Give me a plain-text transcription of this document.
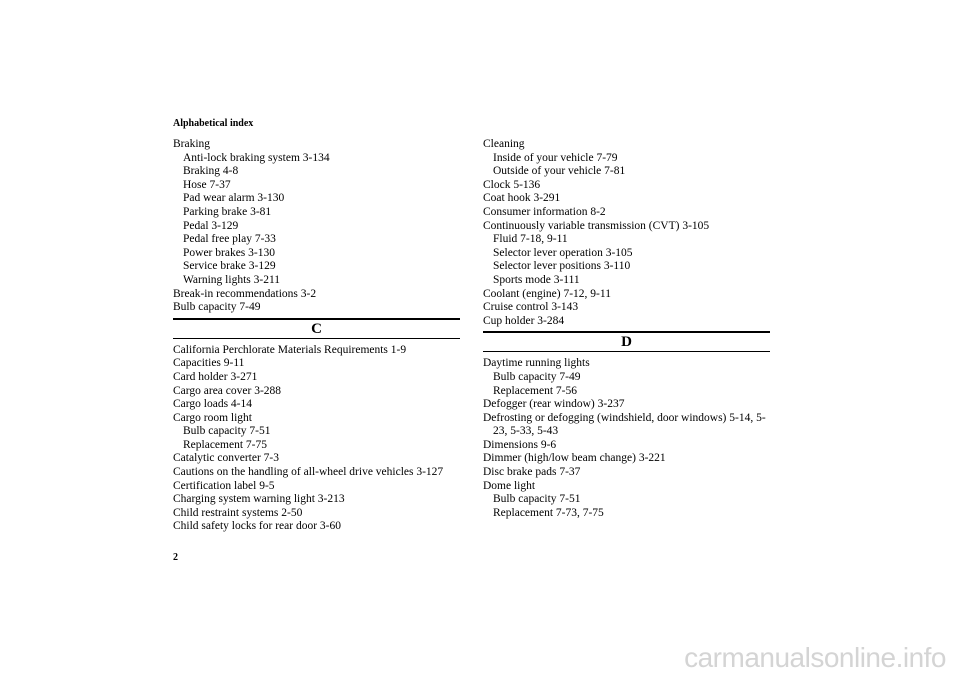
Alphabetical index
Braking
Anti-lock braking system 3-134
Braking 4-8
Hose 7-37
Pad wear alarm 3-130
Parking brake 3-81
Pedal 3-129
Pedal free play 7-33
Power brakes 3-130
Service brake 3-129
Warning lights 3-211
Break-in recommendations 3-2
Bulb capacity 7-49
C
California Perchlorate Materials Requirements 1-9
Capacities 9-11
Card holder 3-271
Cargo area cover 3-288
Cargo loads 4-14
Cargo room light
Bulb capacity 7-51
Replacement 7-75
Catalytic converter 7-3
Cautions on the handling of all-wheel drive vehicles 3-127
Certification label 9-5
Charging system warning light 3-213
Child restraint systems 2-50
Child safety locks for rear door 3-60
Cleaning
Inside of your vehicle 7-79
Outside of your vehicle 7-81
Clock 5-136
Coat hook 3-291
Consumer information 8-2
Continuously variable transmission (CVT) 3-105
Fluid 7-18, 9-11
Selector lever operation 3-105
Selector lever positions 3-110
Sports mode 3-111
Coolant (engine) 7-12, 9-11
Cruise control 3-143
Cup holder 3-284
D
Daytime running lights
Bulb capacity 7-49
Replacement 7-56
Defogger (rear window) 3-237
Defrosting or defogging (windshield, door windows) 5-14, 5-23, 5-33, 5-43
Dimensions 9-6
Dimmer (high/low beam change) 3-221
Disc brake pads 7-37
Dome light
Bulb capacity 7-51
Replacement 7-73, 7-75
2
carmanualsonline.info
